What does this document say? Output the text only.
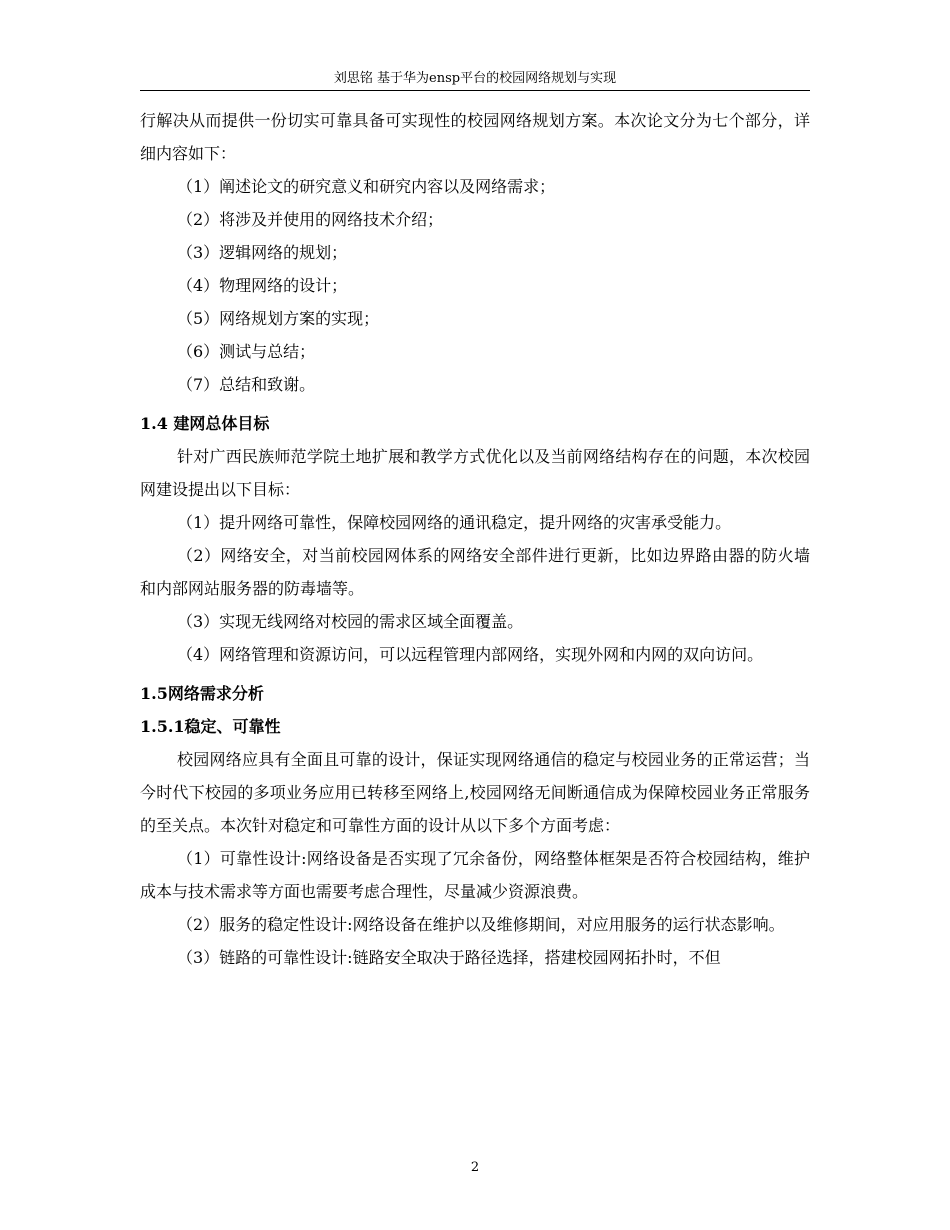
刘思铭 基于华为ensp平台的校园网络规划与实现

行解决从而提供一份切实可靠具备可实现性的校园网络规划方案。本次论文分为七个部分，详细内容如下：

（1）阐述论文的研究意义和研究内容以及网络需求；

（2）将涉及并使用的网络技术介绍；

（3）逻辑网络的规划；

（4）物理网络的设计；

（5）网络规划方案的实现；

（6）测试与总结；

（7）总结和致谢。

1.4 建网总体目标

针对广西民族师范学院土地扩展和教学方式优化以及当前网络结构存在的问题，本次校园网建设提出以下目标：

（1）提升网络可靠性，保障校园网络的通讯稳定，提升网络的灾害承受能力。

（2）网络安全，对当前校园网体系的网络安全部件进行更新，比如边界路由器的防火墙和内部网站服务器的防毒墙等。

（3）实现无线网络对校园的需求区域全面覆盖。

（4）网络管理和资源访问，可以远程管理内部网络，实现外网和内网的双向访问。

1.5网络需求分析
1.5.1稳定、可靠性

校园网络应具有全面且可靠的设计，保证实现网络通信的稳定与校园业务的正常运营；当今时代下校园的多项业务应用已转移至网络上,校园网络无间断通信成为保障校园业务正常服务的至关点。本次针对稳定和可靠性方面的设计从以下多个方面考虑：

（1）可靠性设计:网络设备是否实现了冗余备份，网络整体框架是否符合校园结构，维护成本与技术需求等方面也需要考虑合理性，尽量减少资源浪费。

（2）服务的稳定性设计:网络设备在维护以及维修期间，对应用服务的运行状态影响。

（3）链路的可靠性设计:链路安全取决于路径选择，搭建校园网拓扑时，不但

2
